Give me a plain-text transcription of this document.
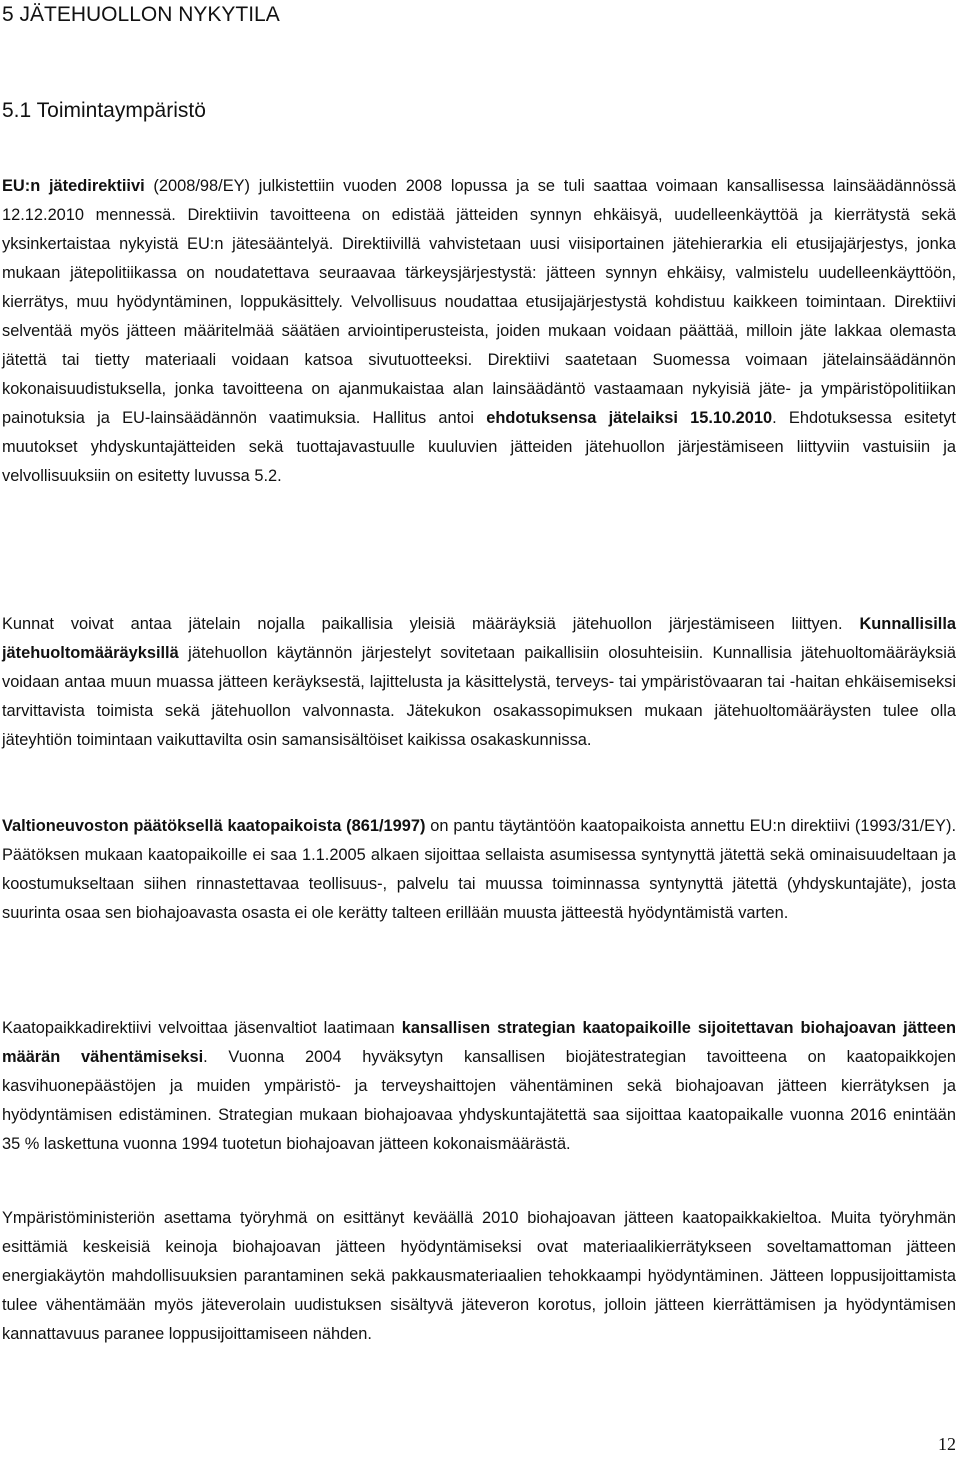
5 JÄTEHUOLLON NYKYTILA
5.1 Toimintaympäristö

EU:n jätedirektiivi (2008/98/EY) julkistettiin vuoden 2008 lopussa ja se tuli saattaa voimaan kansallisessa lainsäädännössä 12.12.2010 mennessä. Direktiivin tavoitteena on edistää jätteiden synnyn ehkäisyä, uudelleenkäyttöä ja kierrätystä sekä yksinkertaistaa nykyistä EU:n jätesääntelyä. Direktiivillä vahvistetaan uusi viisiportainen jätehierarkia eli etusijajärjestys, jonka mukaan jätepolitiikassa on noudatettava seuraavaa tärkeysjärjestystä: jätteen synnyn ehkäisy, valmistelu uudelleenkäyttöön, kierrätys, muu hyödyntäminen, loppukäsittely. Velvollisuus noudattaa etusijajärjestystä kohdistuu kaikkeen toimintaan. Direktiivi selventää myös jätteen määritelmää säätäen arviointiperusteista, joiden mukaan voidaan päättää, milloin jäte lakkaa olemasta jätettä tai tietty materiaali voidaan katsoa sivutuotteeksi. Direktiivi saatetaan Suomessa voimaan jätelainsäädännön kokonaisuudistuksella, jonka tavoitteena on ajanmukaistaa alan lainsäädäntö vastaamaan nykyisiä jäte- ja ympäristöpolitiikan painotuksia ja EU-lainsäädännön vaatimuksia. Hallitus antoi ehdotuksensa jätelaiksi 15.10.2010. Ehdotuksessa esitetyt muutokset yhdyskuntajätteiden sekä tuottajavastuulle kuuluvien jätteiden jätehuollon järjestämiseen liittyviin vastuisiin ja velvollisuuksiin on esitetty luvussa 5.2.

Kunnat voivat antaa jätelain nojalla paikallisia yleisiä määräyksiä jätehuollon järjestämiseen liittyen. Kunnallisilla jätehuoltomääräyksillä jätehuollon käytännön järjestelyt sovitetaan paikallisiin olosuhteisiin. Kunnallisia jätehuoltomääräyksiä voidaan antaa muun muassa jätteen keräyksestä, lajittelusta ja käsittelystä, terveys- tai ympäristövaaran tai -haitan ehkäisemiseksi tarvittavista toimista sekä jätehuollon valvonnasta. Jätekukon osakassopimuksen mukaan jätehuoltomääräysten tulee olla jäteyhtiön toimintaan vaikuttavilta osin samansisältöiset kaikissa osakaskunnissa.

Valtioneuvoston päätöksellä kaatopaikoista (861/1997) on pantu täytäntöön kaatopaikoista annettu EU:n direktiivi (1993/31/EY). Päätöksen mukaan kaatopaikoille ei saa 1.1.2005 alkaen sijoittaa sellaista asumisessa syntynyttä jätettä sekä ominaisuudeltaan ja koostumukseltaan siihen rinnastettavaa teollisuus-, palvelu tai muussa toiminnassa syntynyttä jätettä (yhdyskuntajäte), josta suurinta osaa sen biohajoavasta osasta ei ole kerätty talteen erillään muusta jätteestä hyödyntämistä varten.

Kaatopaikkadirektiivi velvoittaa jäsenvaltiot laatimaan kansallisen strategian kaatopaikoille sijoitettavan biohajoavan jätteen määrän vähentämiseksi. Vuonna 2004 hyväksytyn kansallisen biojätestrategian tavoitteena on kaatopaikkojen kasvihuonepäästöjen ja muiden ympäristö- ja terveyshaittojen vähentäminen sekä biohajoavan jätteen kierrätyksen ja hyödyntämisen edistäminen. Strategian mukaan biohajoavaa yhdyskuntajätettä saa sijoittaa kaatopaikalle vuonna 2016 enintään 35 % laskettuna vuonna 1994 tuotetun biohajoavan jätteen kokonaismäärästä.

Ympäristöministeriön asettama työryhmä on esittänyt keväällä 2010 biohajoavan jätteen kaatopaikkakieltoa. Muita työryhmän esittämiä keskeisiä keinoja biohajoavan jätteen hyödyntämiseksi ovat materiaalikierrätykseen soveltamattoman jätteen energiakäytön mahdollisuuksien parantaminen sekä pakkausmateriaalien tehokkaampi hyödyntäminen. Jätteen loppusijoittamista tulee vähentämään myös jäteverolain uudistuksen sisältyvä jäteveron korotus, jolloin jätteen kierrättämisen ja hyödyntämisen kannattavuus paranee loppusijoittamiseen nähden.

12
